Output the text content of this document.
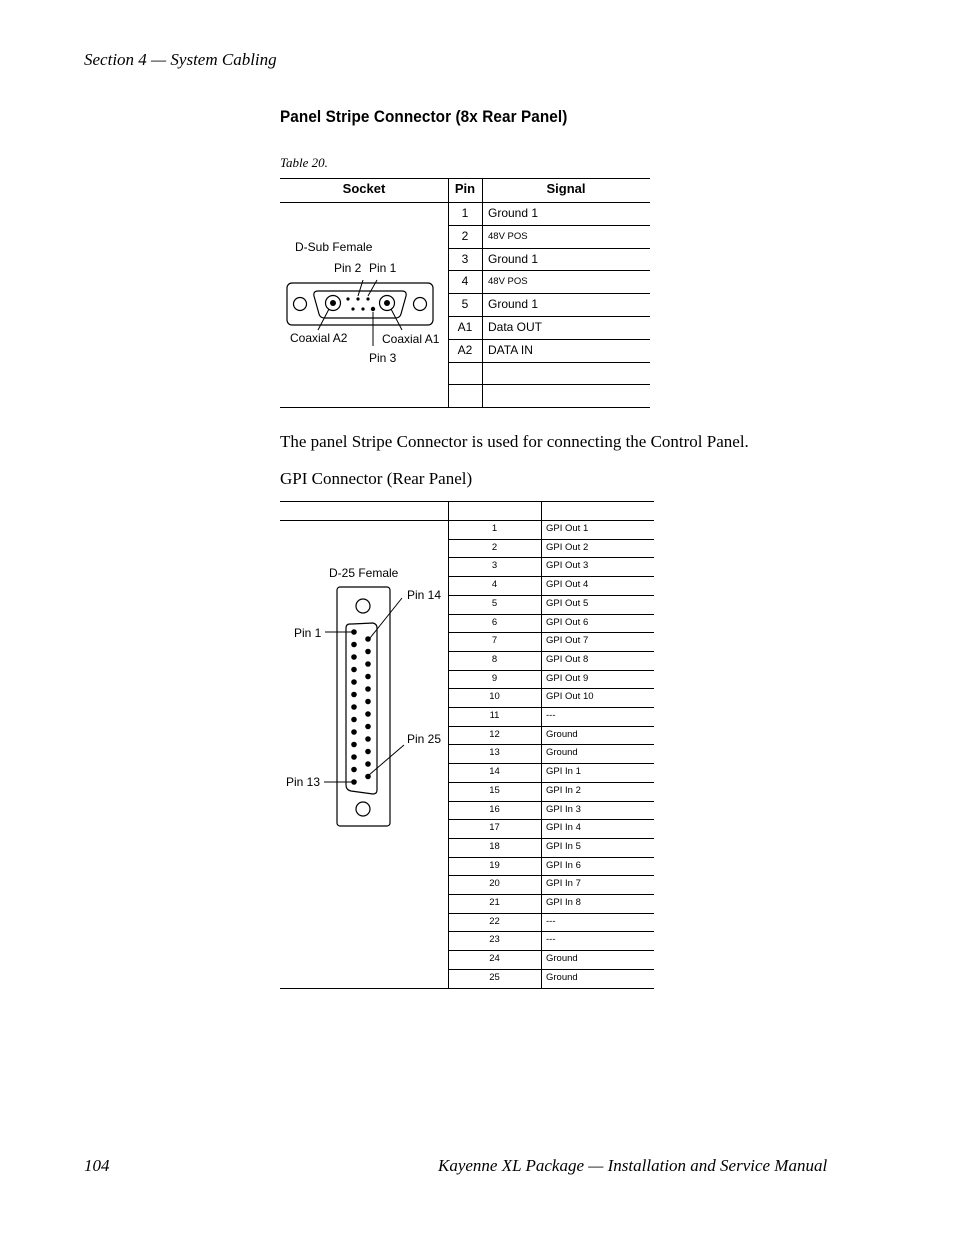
Section 4 — System Cabling
Panel Stripe Connector (8x Rear Panel)
Table 20.
Socket	Pin	Signal
1	Ground 1
2	48V POS
3	Ground 1
4	48V POS
5	Ground 1
A1	Data OUT
A2	DATA IN
D-Sub Female
Pin 2 Pin 1
Coaxial A2	Coaxial A1
Pin 3
The panel Stripe Connector is used for connecting the Control Panel.
GPI Connector (Rear Panel)
1	GPI Out 1
2	GPI Out 2
3	GPI Out 3
4	GPI Out 4
5	GPI Out 5
6	GPI Out 6
7	GPI Out 7
8	GPI Out 8
9	GPI Out 9
10	GPI Out 10
11	---
12	Ground
13	Ground
14	GPI In 1
15	GPI In 2
16	GPI In 3
17	GPI In 4
18	GPI In 5
19	GPI In 6
20	GPI In 7
21	GPI In 8
22	---
23	---
24	Ground
25	Ground
D-25 Female
Pin 14
Pin 1
Pin 25
Pin 13
104	Kayenne XL Package — Installation and Service Manual
